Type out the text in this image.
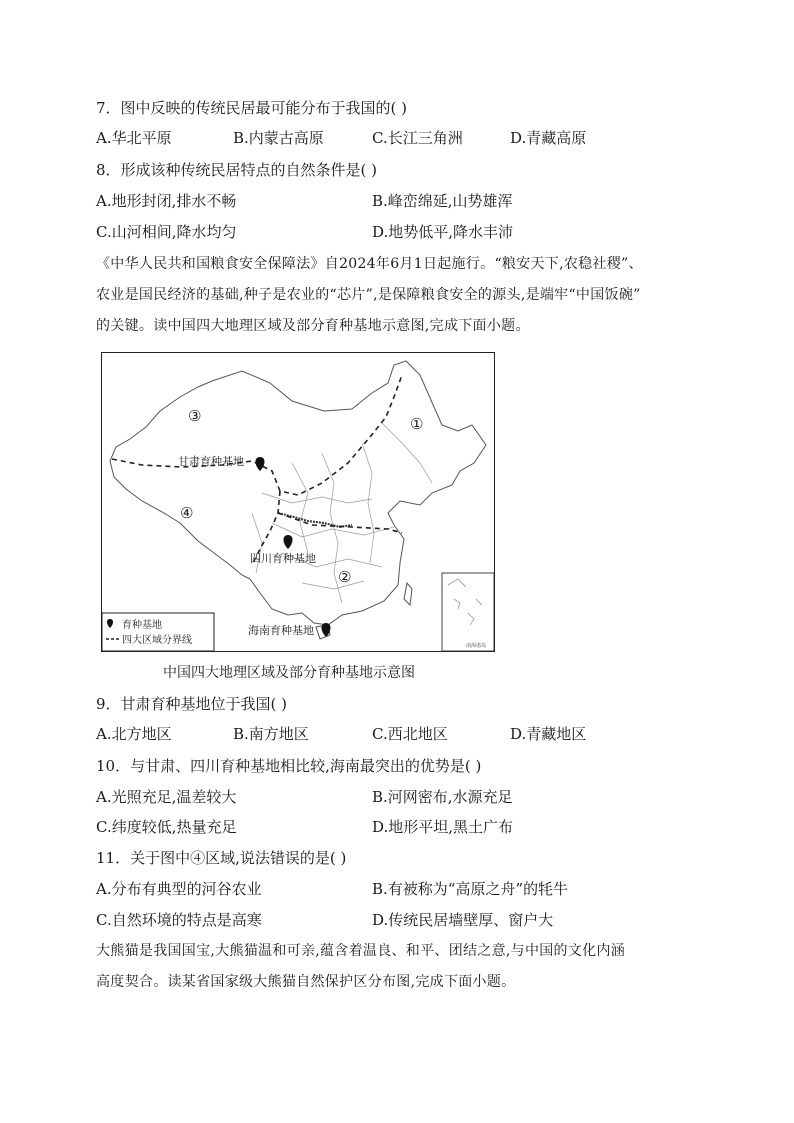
7．图中反映的传统民居最可能分布于我国的( )
A.华北平原	B.内蒙古高原	C.长江三角洲	D.青藏高原
8．形成该种传统民居特点的自然条件是( )
A.地形封闭,排水不畅	B.峰峦绵延,山势雄浑
C.山河相间,降水均匀	D.地势低平,降水丰沛
《中华人民共和国粮食安全保障法》自2024年6月1日起施行。“粮安天下,农稳社稷”、
农业是国民经济的基础,种子是农业的“芯片”,是保障粮食安全的源头,是端牢“中国饭碗”
的关键。读中国四大地理区域及部分育种基地示意图,完成下面小题。
①
②
③
④
甘肃育种基地
四川育种基地
海南育种基地
育种基地
四大区域分界线	南海诸岛
中国四大地理区域及部分育种基地示意图
9．甘肃育种基地位于我国( )
A.北方地区	B.南方地区	C.西北地区	D.青藏地区
10．与甘肃、四川育种基地相比较,海南最突出的优势是( )
A.光照充足,温差较大	B.河网密布,水源充足
C.纬度较低,热量充足	D.地形平坦,黑土广布
11．关于图中④区域,说法错误的是( )
A.分布有典型的河谷农业	B.有被称为“高原之舟”的牦牛
C.自然环境的特点是高寒	D.传统民居墙壁厚、窗户大
大熊猫是我国国宝,大熊猫温和可亲,蕴含着温良、和平、团结之意,与中国的文化内涵
高度契合。读某省国家级大熊猫自然保护区分布图,完成下面小题。
